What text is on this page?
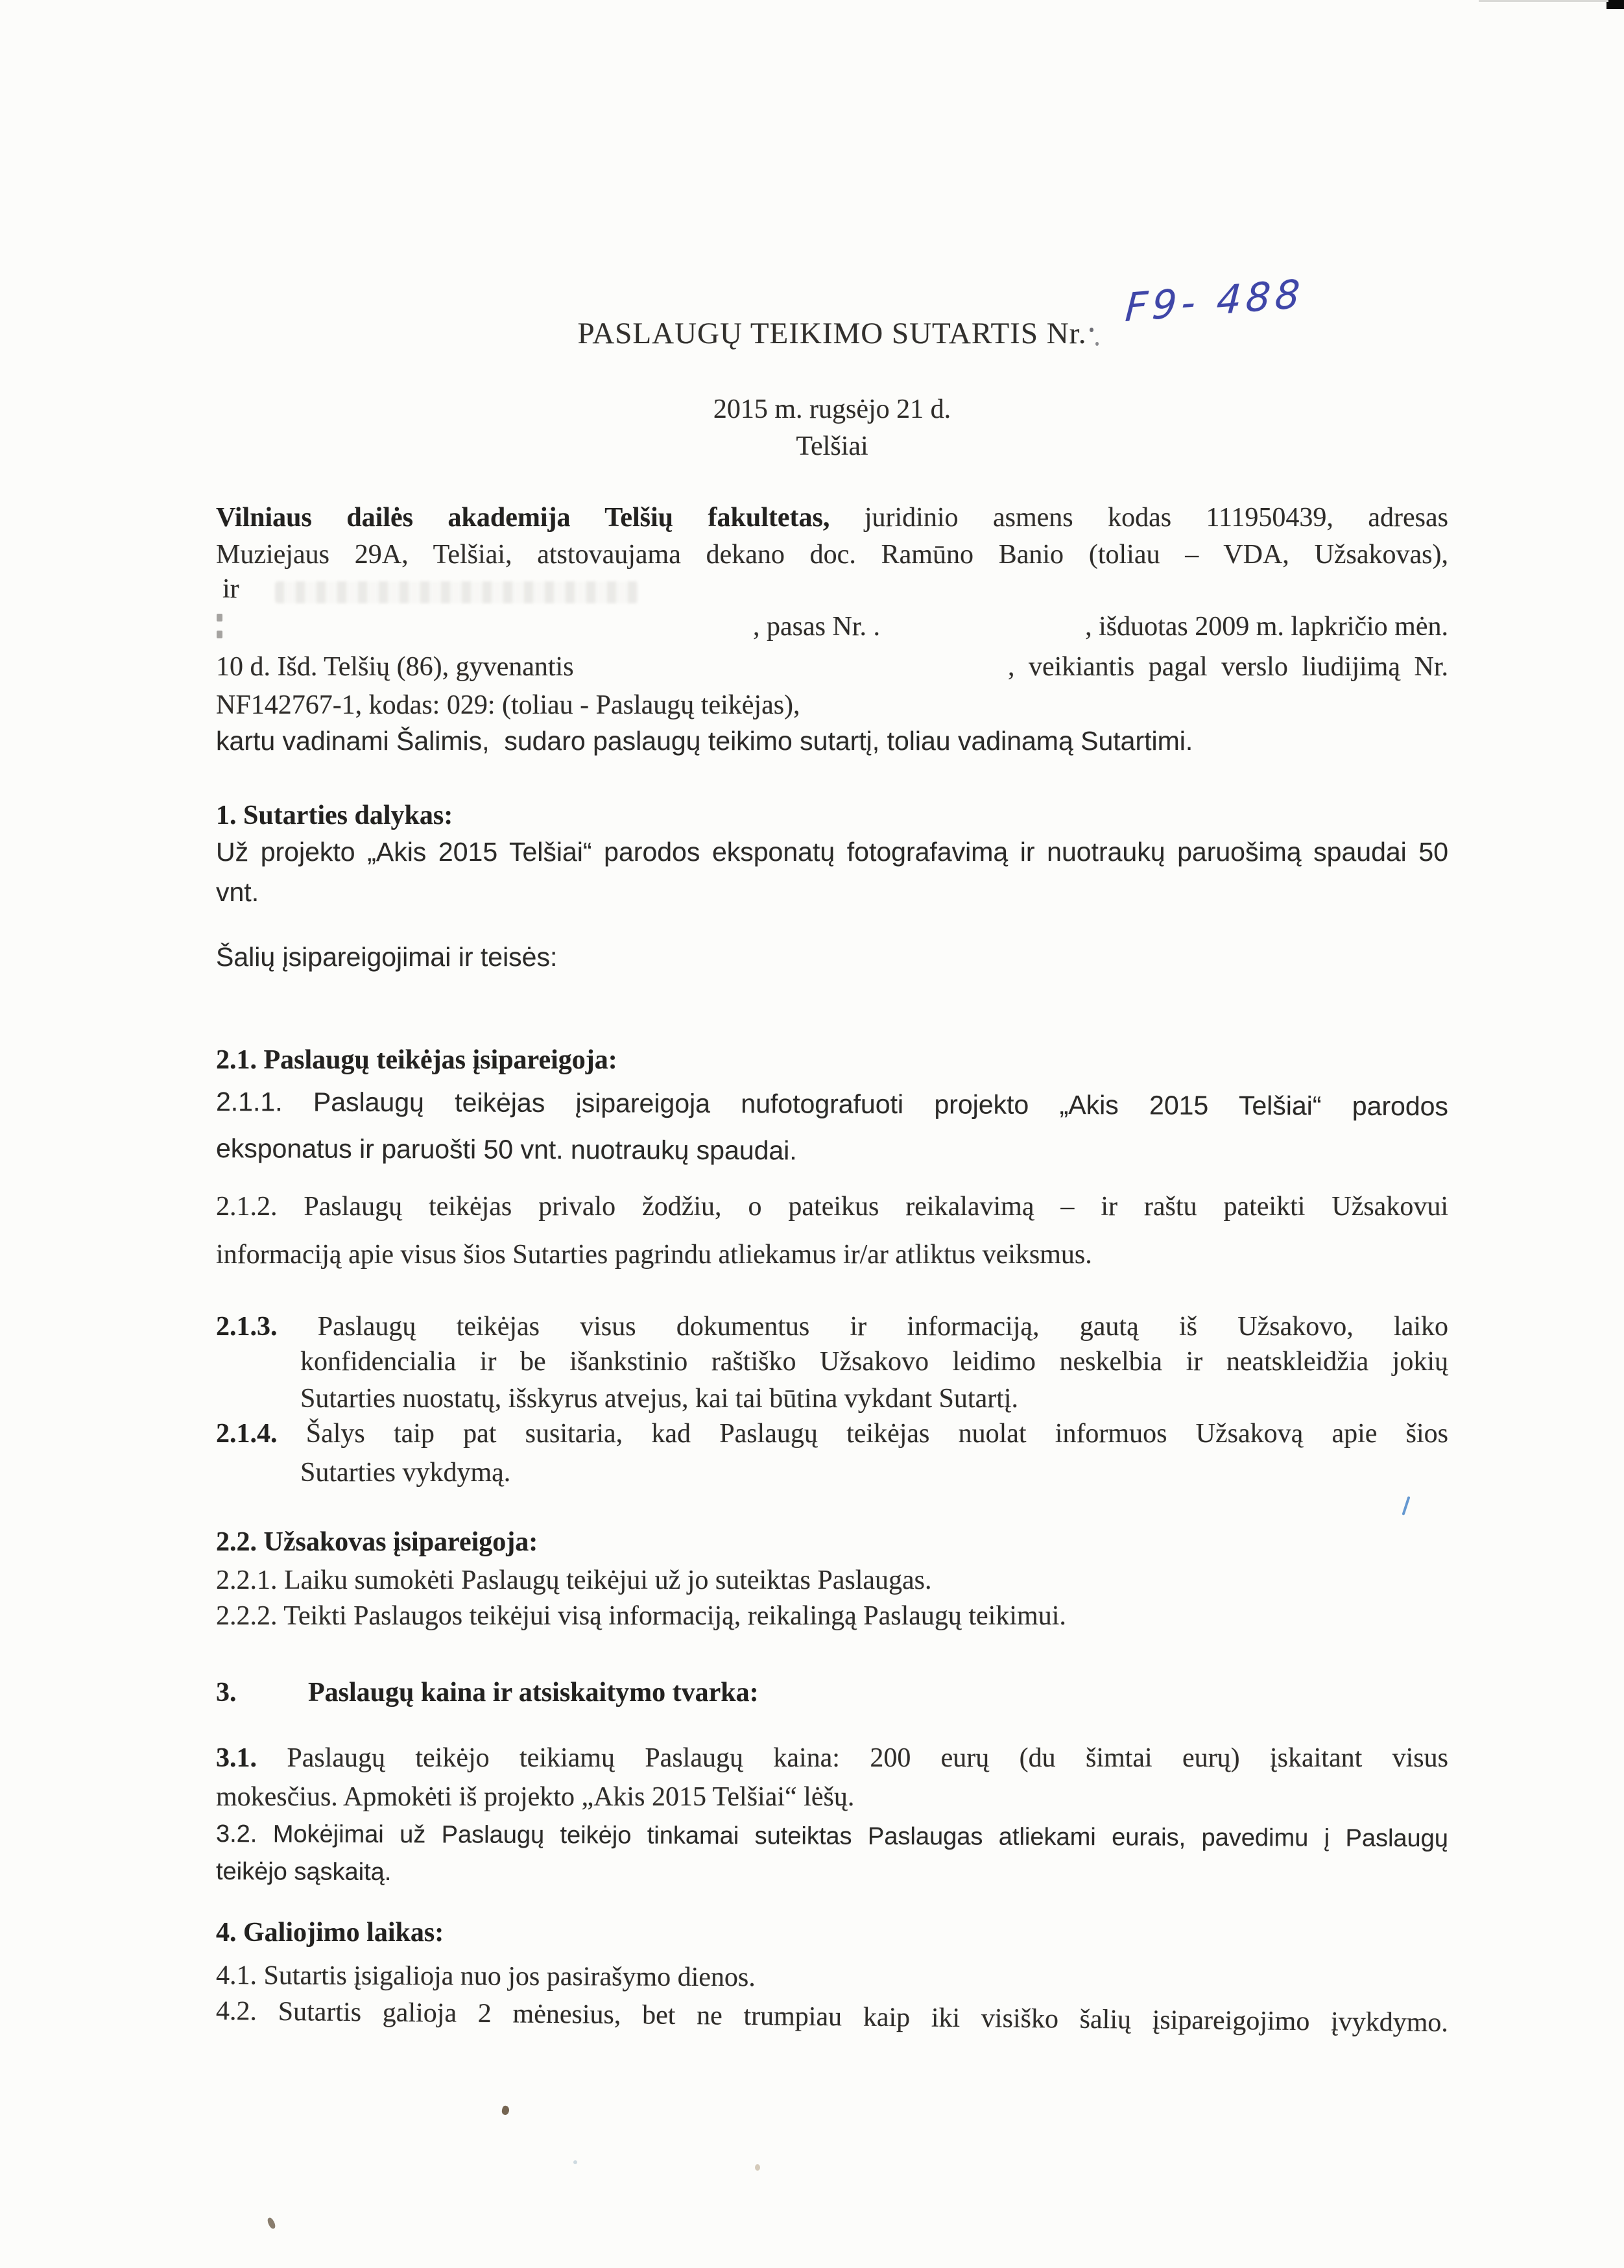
PASLAUGŲ TEIKIMO SUTARTIS Nr.
F9- 488
2015 m. rugsėjo 21 d.
Telšiai
Vilniaus dailės akademija Telšių fakultetas, juridinio asmens kodas 111950439, adresas
Muziejaus 29A, Telšiai, atstovaujama dekano doc. Ramūno Banio (toliau – VDA, Užsakovas),
ir
, pasas Nr. .	, išduotas 2009 m. lapkričio mėn.
10 d. Išd. Telšių (86), gyvenantis	, veikiantis pagal verslo liudijimą Nr.
NF142767-1, kodas: 029: (toliau - Paslaugų teikėjas),
kartu vadinami Šalimis,  sudaro paslaugų teikimo sutartį, toliau vadinamą Sutartimi.
1. Sutarties dalykas:
Už projekto „Akis 2015 Telšiai“ parodos eksponatų fotografavimą ir nuotraukų paruošimą spaudai 50
vnt.
Šalių įsipareigojimai ir teisės:
2.1. Paslaugų teikėjas įsipareigoja:
2.1.1. Paslaugų teikėjas įsipareigoja nufotografuoti projekto „Akis 2015 Telšiai“ parodos
eksponatus ir paruošti 50 vnt. nuotraukų spaudai.
2.1.2. Paslaugų teikėjas privalo žodžiu, o pateikus reikalavimą – ir raštu pateikti Užsakovui
informaciją apie visus šios Sutarties pagrindu atliekamus ir/ar atliktus veiksmus.
2.1.3. Paslaugų teikėjas visus dokumentus ir informaciją, gautą iš Užsakovo, laiko
konfidencialia ir be išankstinio raštiško Užsakovo leidimo neskelbia ir neatskleidžia jokių
Sutarties nuostatų, išskyrus atvejus, kai tai būtina vykdant Sutartį.
2.1.4. Šalys taip pat susitaria, kad Paslaugų teikėjas nuolat informuos Užsakovą apie šios
Sutarties vykdymą.
2.2. Užsakovas įsipareigoja:
2.2.1. Laiku sumokėti Paslaugų teikėjui už jo suteiktas Paslaugas.
2.2.2. Teikti Paslaugos teikėjui visą informaciją, reikalingą Paslaugų teikimui.
3.	Paslaugų kaina ir atsiskaitymo tvarka:
3.1. Paslaugų teikėjo teikiamų Paslaugų kaina: 200 eurų (du šimtai eurų) įskaitant visus
mokesčius. Apmokėti iš projekto „Akis 2015 Telšiai“ lėšų.
3.2. Mokėjimai už Paslaugų teikėjo tinkamai suteiktas Paslaugas atliekami eurais, pavedimu į Paslaugų
teikėjo sąskaitą.
4. Galiojimo laikas:
4.1. Sutartis įsigalioja nuo jos pasirašymo dienos.
4.2. Sutartis galioja 2 mėnesius, bet ne trumpiau kaip iki visiško šalių įsipareigojimo įvykdymo.
